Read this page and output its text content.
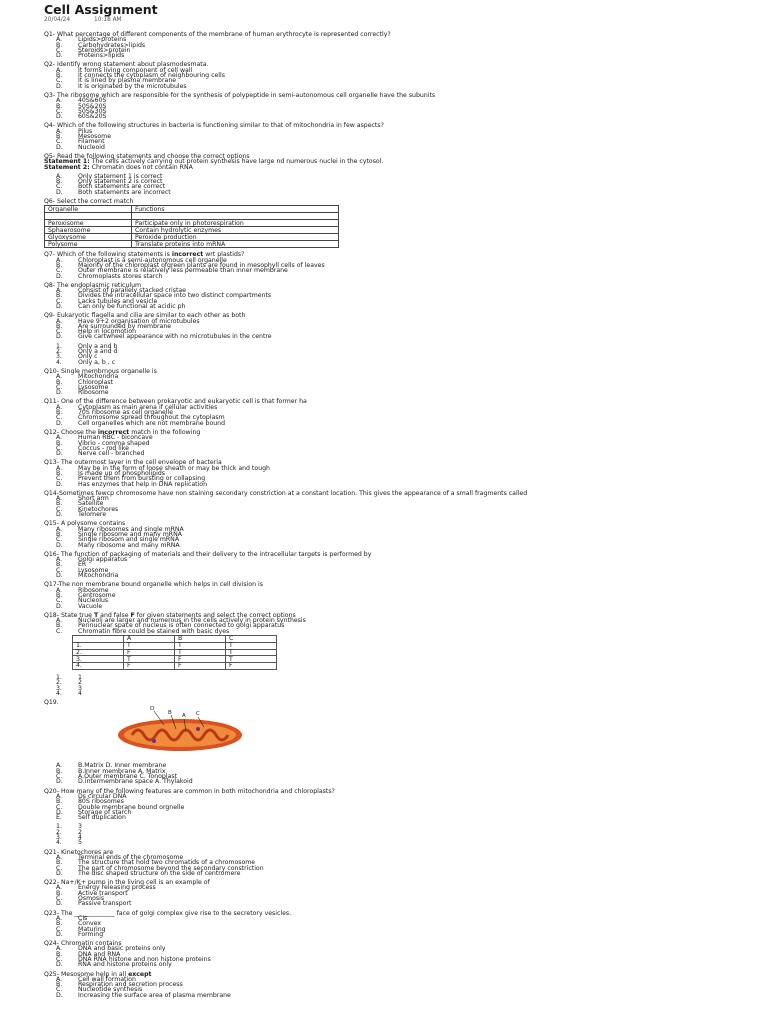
Cell Assignment
20/04/24	10:18 AM
Q1- What percentage of different components of the membrane of human erythrocyte is represented correctly?
A.	Lipids>proteins
B.	Carbohydrates>lipids
C.	Steroids>protein
D.	Proteins>lipids
Q2- Identify wrong statement about plasmodesmata.
A.	It forms living component of cell wall
B.	It connects the cytoplasm of neighbouring cells
C.	It is lined by plasma membrane
D.	It is originated by the microtubules
Q3- The ribosome which are responsible for the synthesis of polypeptide in semi-autonomous cell organelle have the subunits
A.	40S&60S
B.	50S&20S
C.	50S&30S
D.	60S&20S
Q4- Which of the following structures in bacteria is functioning similar to that of mitochondria in few aspects?
A.	Pilus
B.	Mesosome
C.	Filament
D.	Nucleoid
Q5- Read the following statements and choose the correct options
Statement 1: The cells actively carrying out protein synthesis have large nd numerous nuclei in the cytosol.
Statement 2: Chromatin does not contain RNA
A.	Only statement 1 is correct
B.	Only statement 2 is correct
C.	Both statements are correct
D.	Both statements are incorrect
Q6- Select the correct match
Organelle	Functions

Peroxisome	Participate only in photorespiration
Sphaerosome	Contain hydrolytic enzymes
Glyoxysome	Peroxide production
Polysome	Translate proteins into mRNA
Q7- Which of the following statements is incorrect wrt plastids?
A.	Chloroplast is a semi-autonomous cell organelle
B.	Majority of the chloroplast ofgreen plants are found in mesophyll cells of leaves
C.	Outer membrane is relatively less permeable than inner membrane
D.	Chromoplasts stores starch
Q8- The endoplasmic reticulum
A.	Consist of parallely stacked cristae
B.	Divides the intracellular space into two distinct compartments
C.	Lacks tubules and vesicle
D.	Can only be functional at acidic ph
Q9- Eukaryotic flagella and cilia are similar to each other as both
A.	Have 9+2 organisation of microtubules
B.	Are surrounded by membrane
C.	Help in locomotion
D.	Give cartwheel appearance with no microtubules in the centre
1.	Only a and b
2.	Only a and d
3.	Only c
4.	Only a, b , c
Q10- Single membrnous organelle is
A.	Mitochondria
B.	Chloroplast
C.	Lysosome
D.	Ribosome
Q11- One of the difference between prokaryotic and eukaryotic cell is that former ha
A.	Cytoplasm as main arena if cellular activities
B.	70S ribosome as cell organelle
C.	Chromosome spread throughout the cytoplasm
D.	Cell organelles which are not membrane bound
Q12- Choose the incorrect match in the following
A.	Human RBC - biconcave
B.	Vibrio - comma shaped
C.	Coccus - rod like
D.	Nerve cell - branched
Q13- The outermost layer in the cell envelope of bacteria
A.	May be in the form of loose sheath or may be thick and tough
B.	Is made up of phospholipids
C.	Prevent them from bursting or collapsing
D.	Has enzymes that help in DNA replication
Q14-Sometimes fewcp chromosome have non staining secondary constriction at a constant location. This gives the appearance of a small fragments called
A.	Short arm
B.	Satellite
C.	Kinetochores
D.	Telomere
Q15- A polysome contains
A.	Many ribosomes and single mRNA
B.	Single ribosome and many mRNA
C.	Single ribosom and single mRNA
D.	Many ribosome and many mRNA
Q16- The function of packaging of materials and their delivery to the intracellular targets is performed by
A.	Golgi apparatus
B.	ER
C.	Lysosome
D.	Mitochondria
Q17-The non membrane bound organelle which helps in cell division is
A.	Ribosome
B.	Centrosome
C.	Nucleolus
D.	Vacuole
Q18- State true T and false F for given statements and select the correct options
A.	Nucleoli are larger and numerous in the cells actively in protein synthesis
B.	Perinuclear space of nucleus is often connected to golgi apparatus
C.	Chromatin fibre could be stained with basic dyes
	A	B	C
1.	T	T	T
2.	F	T	T
3.	T	F	T
4.	F	F	F
1.	1
2.	2
3.	3
4.	4
Q19.
D
B A C
A.	B.Matrix D. Inner membrane
B.	B.Inner membrane A. Matrix
C.	A.Outer membrane C. Tonoplast
D.	D.intermembrane space A. Thylakoid
Q20- How many of the following features are common in both mitochondria and chloroplasts?
A.	Ds circular DNA
B.	80S ribosomes
C.	Double membrane bound orgnelle
D.	Storage of starch
E.	Self duplication
1.	3
2.	2
3.	4
4.	5
Q21- Kinetochores are
A.	Terminal ends of the chromosome
B.	The structure that hold two chromatids of a chromosome
C.	The part of chromosome beyond the secondary constriction
D.	The disc shaped structure on the side of centromere
Q22- Na+/K+ pump in the living cell is an example of
A.	Energy releasing process
B.	Active transport
C.	Osmosis
D.	Passive transport
Q23- The _____________ face of golgi complex give rise to the secretory vesicles.
A.	Cis
B.	Convex
C.	Maturing
D.	Forming
Q24- Chromatin contains
A.	DNA and basic proteins only
B.	DNA and RNA
C.	DNA RNA histone and non histone proteins
D.	RNA and histone proteins only
Q25- Mesosome help in all except
A.	Cell wall formation
B.	Respiration and secretion process
C.	Nucleotide synthesis
D.	Increasing the surface area of plasma membrane
